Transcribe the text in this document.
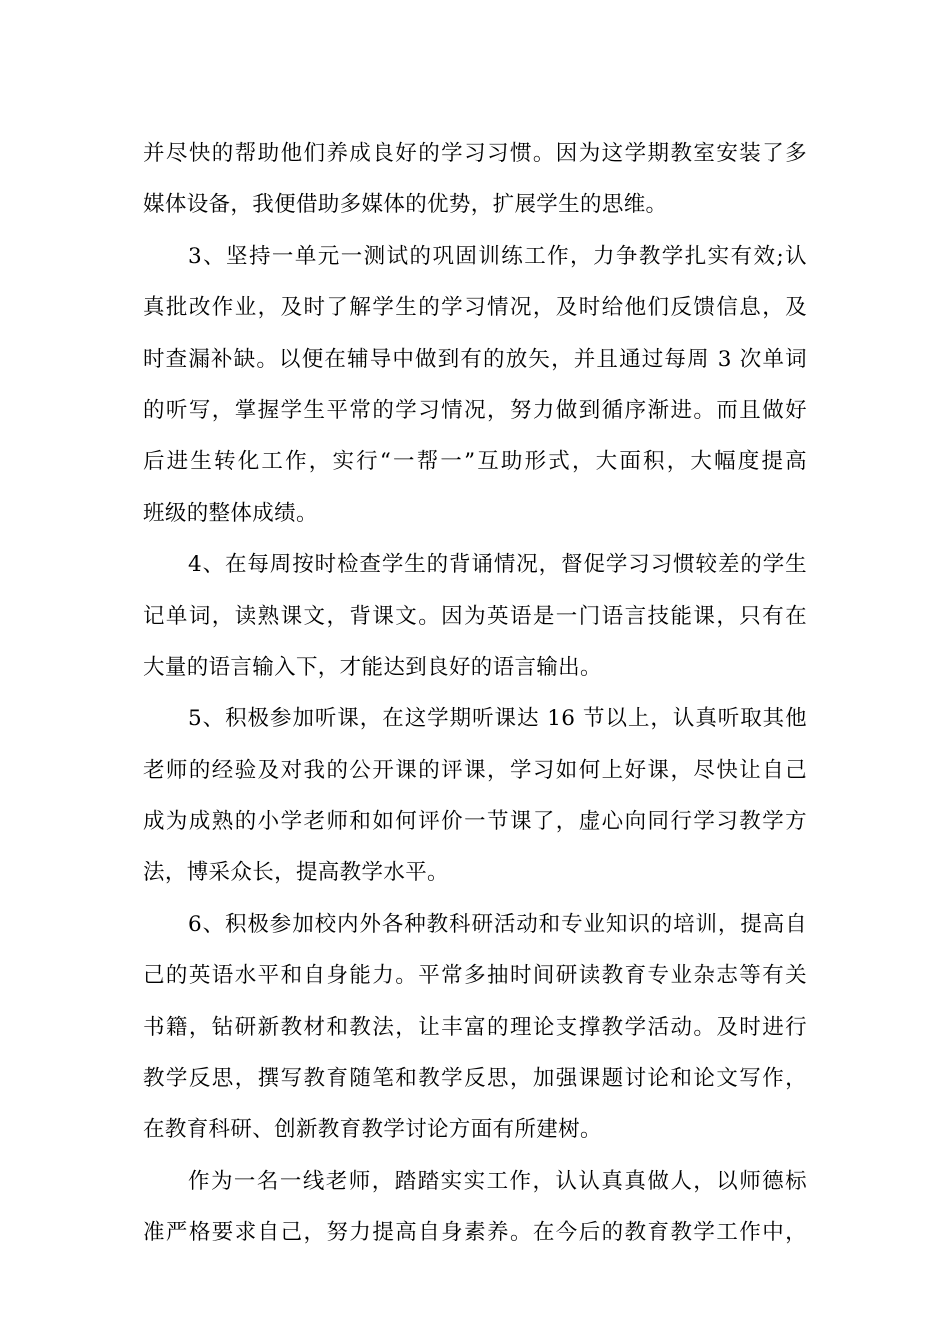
并尽快的帮助他们养成良好的学习习惯。因为这学期教室安装了多
媒体设备，我便借助多媒体的优势，扩展学生的思维。
3、坚持一单元一测试的巩固训练工作，力争教学扎实有效;认
真批改作业，及时了解学生的学习情况，及时给他们反馈信息，及
时查漏补缺。以便在辅导中做到有的放矢，并且通过每周 3 次单词
的听写，掌握学生平常的学习情况，努力做到循序渐进。而且做好
后进生转化工作，实行“一帮一”互助形式，大面积，大幅度提高
班级的整体成绩。
4、在每周按时检查学生的背诵情况，督促学习习惯较差的学生
记单词，读熟课文，背课文。因为英语是一门语言技能课，只有在
大量的语言输入下，才能达到良好的语言输出。
5、积极参加听课，在这学期听课达 16 节以上，认真听取其他
老师的经验及对我的公开课的评课，学习如何上好课，尽快让自己
成为成熟的小学老师和如何评价一节课了，虚心向同行学习教学方
法，博采众长，提高教学水平。
6、积极参加校内外各种教科研活动和专业知识的培训，提高自
己的英语水平和自身能力。平常多抽时间研读教育专业杂志等有关
书籍，钻研新教材和教法，让丰富的理论支撑教学活动。及时进行
教学反思，撰写教育随笔和教学反思，加强课题讨论和论文写作，
在教育科研、创新教育教学讨论方面有所建树。
作为一名一线老师，踏踏实实工作，认认真真做人，以师德标
准严格要求自己，努力提高自身素养。在今后的教育教学工作中，
